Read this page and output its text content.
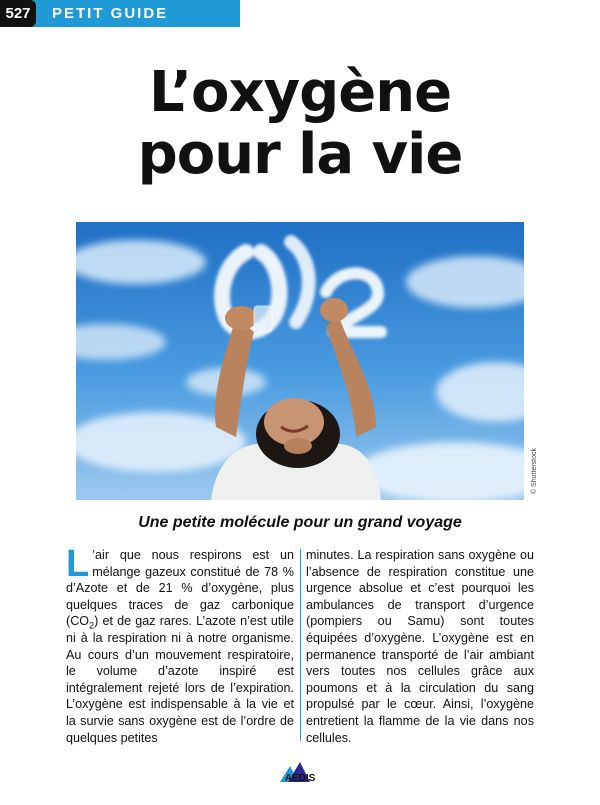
527	PETIT GUIDE
L’oxygène
pour la vie
© Shutterstock
Une petite molécule pour un grand voyage
L ’air que nous respirons est un mélange gazeux constitué de 78 % d’Azote et de 21 % d’oxygène, plus quelques traces de gaz carbonique $(CO_2)$ et de gaz rares. L’azote n’est utile ni à la respiration ni à notre organisme. Au cours d’un mouvement respiratoire, le volume d’azote inspiré est intégralement rejeté lors de l’expiration. L’oxygène est indispensable à la vie et la survie sans oxygène est de l’ordre de quelques petites
minutes. La respiration sans oxygène ou l’absence de respiration constitue une urgence absolue et c’est pourquoi les ambulances de transport d’urgence (pompiers ou Samu) sont toutes équipées d’oxygène. L’oxygène est en permanence transporté de l’air ambiant vers toutes nos cellules grâce aux poumons et à la circulation du sang propulsé par le cœur. Ainsi, l’oxygène entretient la flamme de la vie dans nos cellules.
AEDIS
